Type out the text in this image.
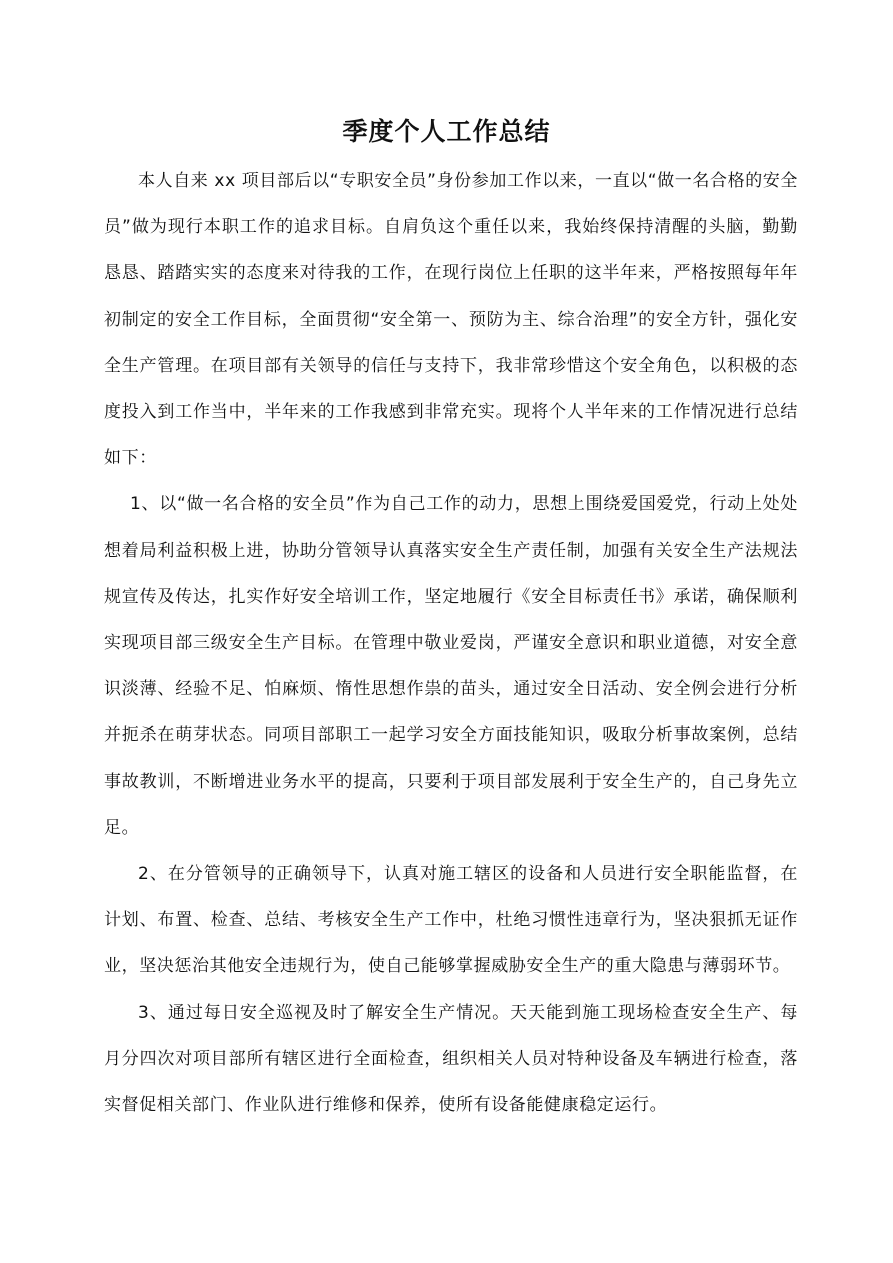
季度个人工作总结

本人自来 xx 项目部后以“专职安全员”身份参加工作以来，一直以“做一名合格的安全员”做为现行本职工作的追求目标。自肩负这个重任以来，我始终保持清醒的头脑，勤勤恳恳、踏踏实实的态度来对待我的工作，在现行岗位上任职的这半年来，严格按照每年年初制定的安全工作目标，全面贯彻“安全第一、预防为主、综合治理”的安全方针，强化安全生产管理。在项目部有关领导的信任与支持下，我非常珍惜这个安全角色，以积极的态度投入到工作当中，半年来的工作我感到非常充实。现将个人半年来的工作情况进行总结如下：

1、以“做一名合格的安全员”作为自己工作的动力，思想上围绕爱国爱党，行动上处处想着局利益积极上进，协助分管领导认真落实安全生产责任制，加强有关安全生产法规法规宣传及传达，扎实作好安全培训工作，坚定地履行《安全目标责任书》承诺，确保顺利实现项目部三级安全生产目标。在管理中敬业爱岗，严谨安全意识和职业道德，对安全意识淡薄、经验不足、怕麻烦、惰性思想作祟的苗头，通过安全日活动、安全例会进行分析并扼杀在萌芽状态。同项目部职工一起学习安全方面技能知识，吸取分析事故案例，总结事故教训，不断增进业务水平的提高，只要利于项目部发展利于安全生产的，自己身先立足。

2、在分管领导的正确领导下，认真对施工辖区的设备和人员进行安全职能监督，在计划、布置、检查、总结、考核安全生产工作中，杜绝习惯性违章行为，坚决狠抓无证作业，坚决惩治其他安全违规行为，使自己能够掌握威胁安全生产的重大隐患与薄弱环节。

3、通过每日安全巡视及时了解安全生产情况。天天能到施工现场检查安全生产、每月分四次对项目部所有辖区进行全面检查，组织相关人员对特种设备及车辆进行检查，落实督促相关部门、作业队进行维修和保养，使所有设备能健康稳定运行。
